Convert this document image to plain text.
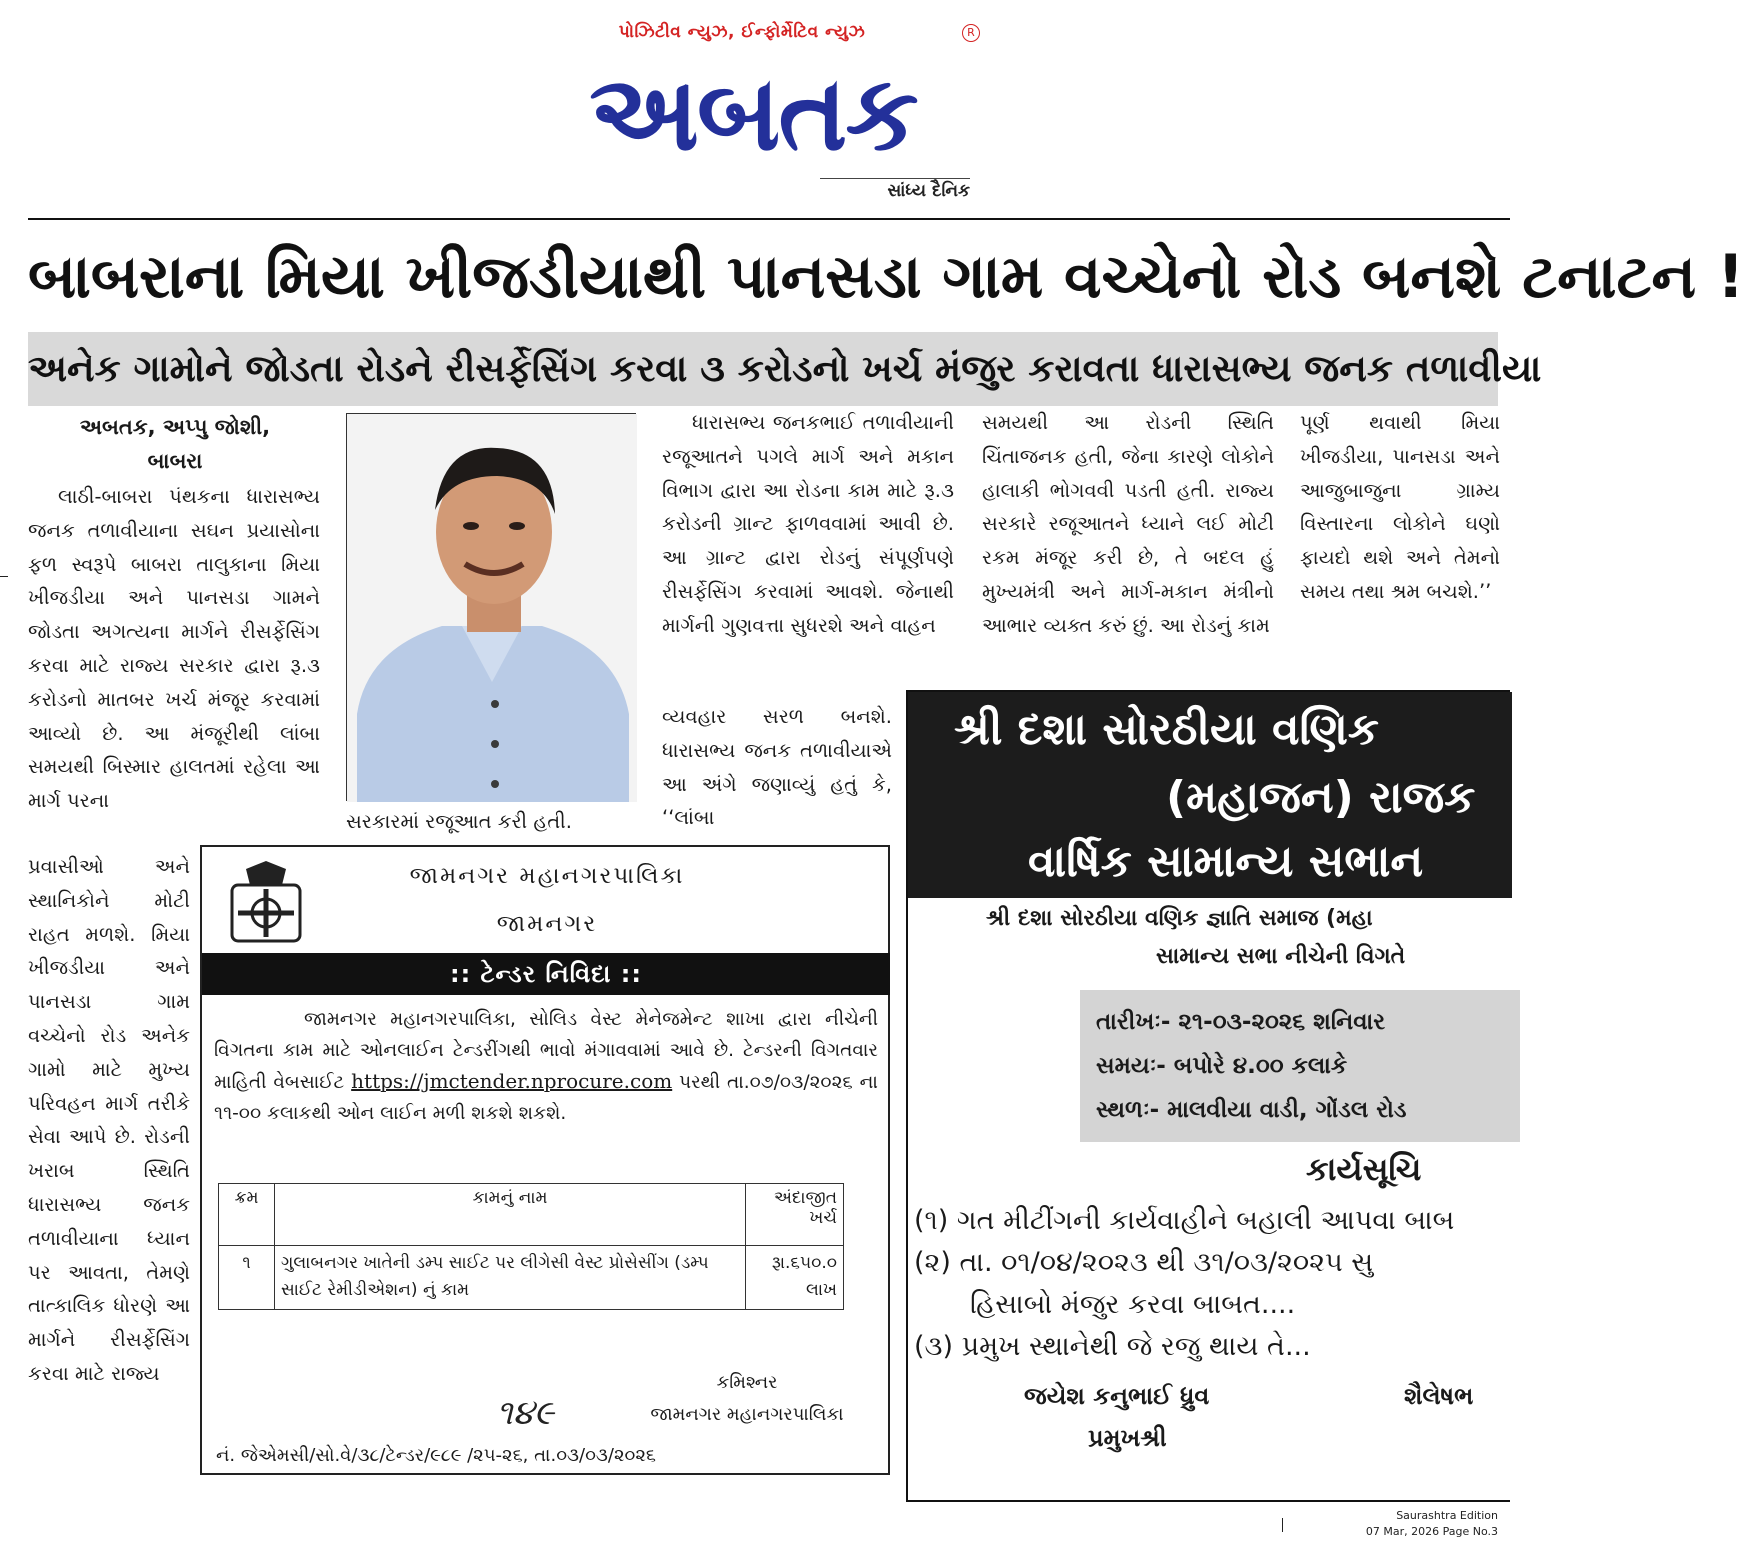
પોઝિટીવ ન્યુઝ, ઈન્ફોર્મેટિવ ન્યુઝ
અબતક
R
સાંધ્ય દૈનિક
બાબરાના મિયા ખીજડીયાથી પાનસડા ગામ વચ્ચેનો રોડ બનશે ટનાટન !
અનેક ગામોને જોડતા રોડને રીસર્ફેસિંગ કરવા ૩ કરોડનો ખર્ચ મંજુર કરાવતા ધારાસભ્ય જનક તળાવીયા
અબતક, અપ્પુ જોશી,
બાબરા

લાઠી-બાબરા પંથકના ધારાસભ્ય જનક તળાવીયાના સઘન પ્રયાસોના ફળ સ્વરૂપે બાબરા તાલુકાના મિયા ખીજડીયા અને પાનસડા ગામને જોડતા અગત્યના માર્ગને રીસર્ફેસિંગ કરવા માટે રાજ્ય સરકાર દ્વારા રૂ.૩ કરોડનો માતબર ખર્ચ મંજૂર કરવામાં આવ્યો છે. આ મંજૂરીથી લાંબા સમયથી બિસ્માર હાલતમાં રહેલા આ માર્ગ પરના

પ્રવાસીઓ અને સ્થાનિકોને મોટી રાહત મળશે. મિયા ખીજડીયા અને પાનસડા ગામ વચ્ચેનો રોડ અનેક ગામો માટે મુખ્ય પરિવહન માર્ગ તરીકે સેવા આપે છે. રોડની ખરાબ સ્થિતિ ધારાસભ્ય જનક તળાવીયાના ધ્યાન પર આવતા, તેમણે તાત્કાલિક ધોરણે આ માર્ગને રીસર્ફેસિંગ કરવા માટે રાજ્ય
સરકારમાં રજૂઆત કરી હતી.

ધારાસભ્ય જનકભાઈ તળાવીયાની રજૂઆતને પગલે માર્ગ અને મકાન વિભાગ દ્વારા આ રોડના કામ માટે રૂ.૩ કરોડની ગ્રાન્ટ ફાળવવામાં આવી છે. આ ગ્રાન્ટ દ્વારા રોડનું સંપૂર્ણપણે રીસર્ફેસિંગ કરવામાં આવશે. જેનાથી માર્ગની ગુણવત્તા સુધરશે અને વાહન

વ્યવહાર સરળ બનશે. ધારાસભ્ય જનક તળાવીયાએ આ અંગે જણાવ્યું હતું કે, ‘‘લાંબા
સમયથી આ રોડની સ્થિતિ ચિંતાજનક હતી, જેના કારણે લોકોને હાલાકી ભોગવવી પડતી હતી. રાજ્ય સરકારે રજૂઆતને ધ્યાને લઈ મોટી રકમ મંજૂર કરી છે, તે બદલ હું મુખ્યમંત્રી અને માર્ગ-મકાન મંત્રીનો આભાર વ્યક્ત કરું છું. આ રોડનું કામ
પૂર્ણ થવાથી મિયા ખીજડીયા, પાનસડા અને આજુબાજુના ગ્રામ્ય વિસ્તારના લોકોને ઘણો ફાયદો થશે અને તેમનો સમય તથા શ્રમ બચશે.’’
જામનગર મહાનગરપાલિકા
જામનગર
:: ટેન્ડર નિવિદા ::

જામનગર મહાનગરપાલિકા, સોલિડ વેસ્ટ મેનેજમેન્ટ શાખા દ્વારા નીચેની વિગતના કામ માટે ઓનલાઈન ટેન્ડરીંગથી ભાવો મંગાવવામાં આવે છે. ટેન્ડરની વિગતવાર માહિતી વેબસાઈટ https://jmctender.nprocure.com પરથી તા.૦૭/૦૩/૨૦૨૬ ના ૧૧-૦૦ કલાકથી ઓન લાઈન મળી શકશે શકશે.

ક્રમ	કામનું નામ	અંદાજીત ખર્ચ
૧	ગુલાબનગર ખાતેની ડમ્પ સાઈટ પર લીગેસી વેસ્ટ પ્રોસેસીંગ (ડમ્પ સાઈટ રેમીડીએશન) નું કામ	રૂા.૬૫૦.૦ લાખ
કમિશ્નર
જામનગર મહાનગરપાલિકા
૧૪૯
નં. જેએમસી/સો.વે/૩૮/ટેન્ડર/૯૮૯ /૨૫-૨૬, તા.૦૩/૦૩/૨૦૨૬
શ્રી દશા સોરઠીયા વણિક
(મહાજન) રાજક
વાર્ષિક સામાન્ય સભાન
શ્રી દશા સોરઠીયા વણિક જ્ઞાતિ સમાજ (મહા
સામાન્ય સભા નીચેની વિગતે
તારીખઃ- ૨૧-૦૩-૨૦૨૬ શનિવાર
સમયઃ- બપોરે ૪.૦૦ કલાકે
સ્થળઃ- માલવીયા વાડી, ગોંડલ રોડ
કાર્યસૂચિ
(૧) ગત મીટીંગની કાર્યવાહીને બહાલી આપવા બાબ
(૨) તા. ૦૧/૦૪/૨૦૨૩ થી ૩૧/૦૩/૨૦૨૫ સુ
હિસાબો મંજુર કરવા બાબત....
(૩) પ્રમુખ સ્થાનેથી જે રજુ થાય તે...
જયેશ કનુભાઈ ધ્રુવ
પ્રમુખશ્રી
શૈલેષભ
Saurashtra Edition
07 Mar, 2026 Page No.3
